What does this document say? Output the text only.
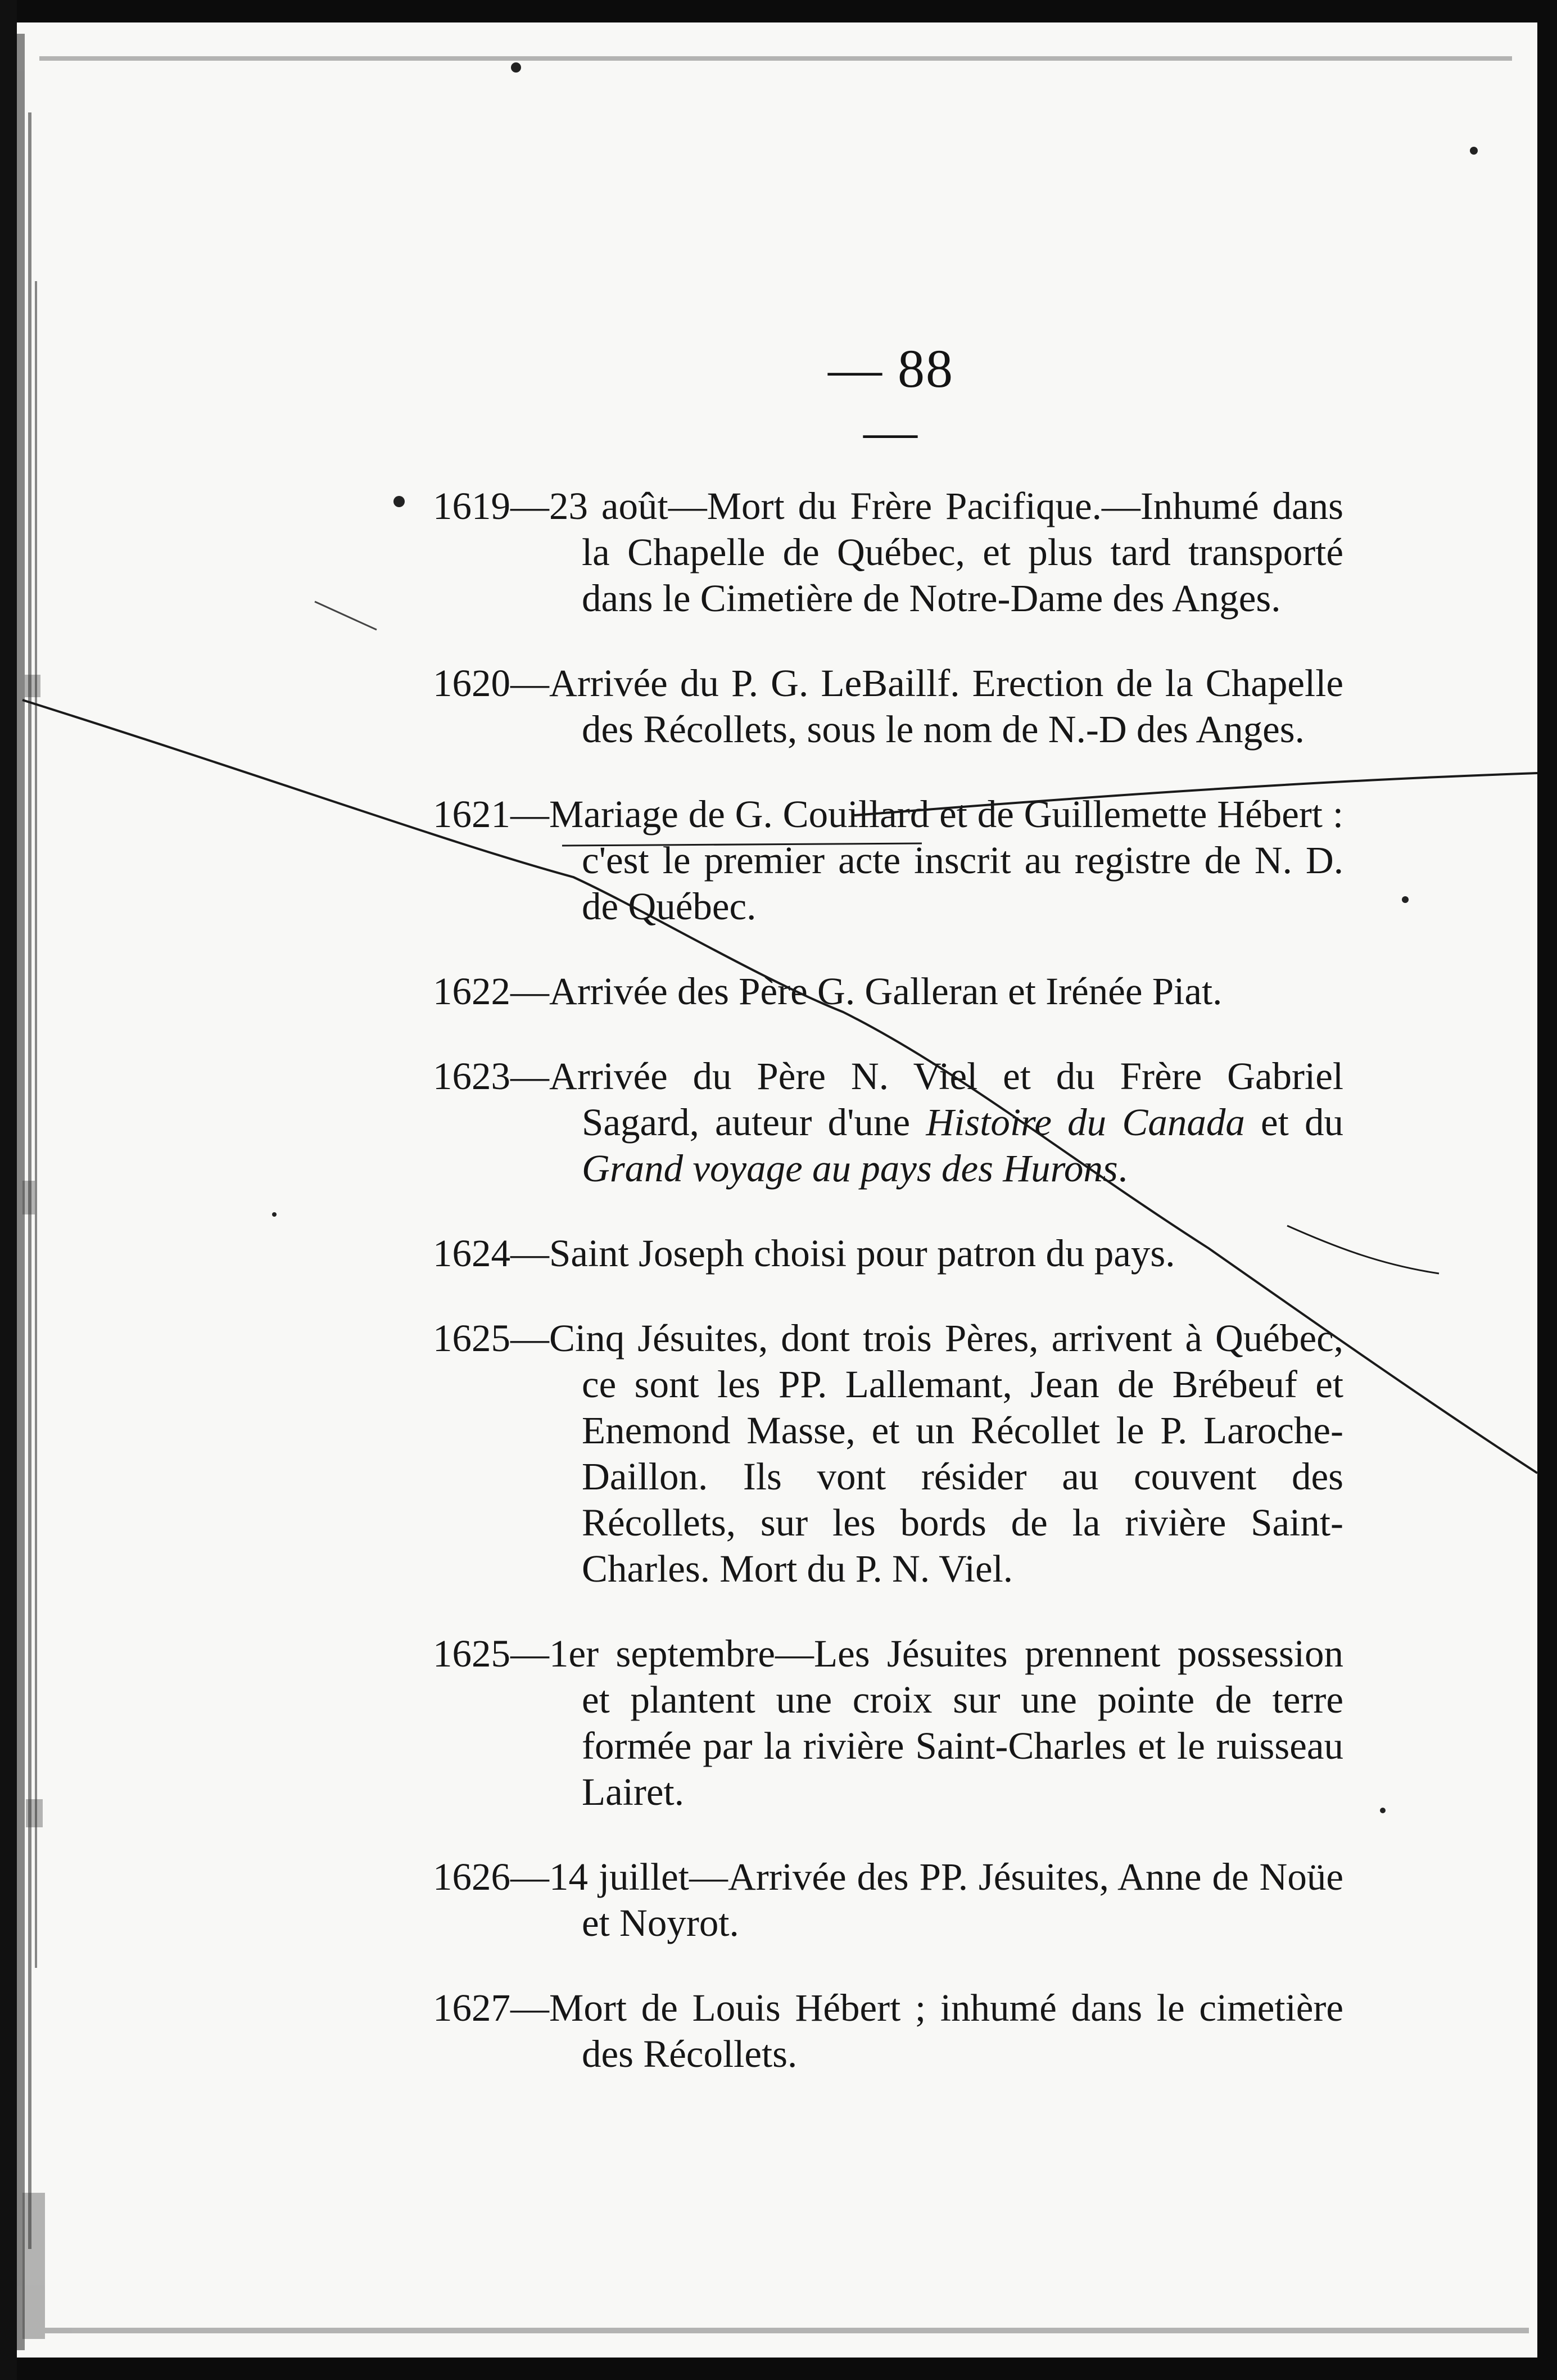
— 88 —

1619—23 août—Mort du Frère Pacifique.—Inhumé dans la Chapelle de Québec, et plus tard transporté dans le Cimetière de Notre-Dame des Anges.

1620—Arrivée du P. G. LeBaillf. Erection de la Chapelle des Récollets, sous le nom de N.-D des Anges.

1621—Mariage de G. Couillard et de Guillemette Hébert : c'est le premier acte inscrit au registre de N. D. de Québec.

1622—Arrivée des Père G. Galleran et Irénée Piat.

1623—Arrivée du Père N. Viel et du Frère Gabriel Sagard, auteur d'une Histoire du Canada et du Grand voyage au pays des Hurons.

1624—Saint Joseph choisi pour patron du pays.

1625—Cinq Jésuites, dont trois Pères, arrivent à Québec, ce sont les PP. Lallemant, Jean de Brébeuf et Enemond Masse, et un Récollet le P. Laroche-Daillon. Ils vont résider au couvent des Récollets, sur les bords de la rivière Saint-Charles. Mort du P. N. Viel.

1625—1er septembre—Les Jésuites prennent possession et plantent une croix sur une pointe de terre formée par la rivière Saint-Charles et le ruisseau Lairet.

1626—14 juillet—Arrivée des PP. Jésuites, Anne de Noüe et Noyrot.

1627—Mort de Louis Hébert ; inhumé dans le cimetière des Récollets.
